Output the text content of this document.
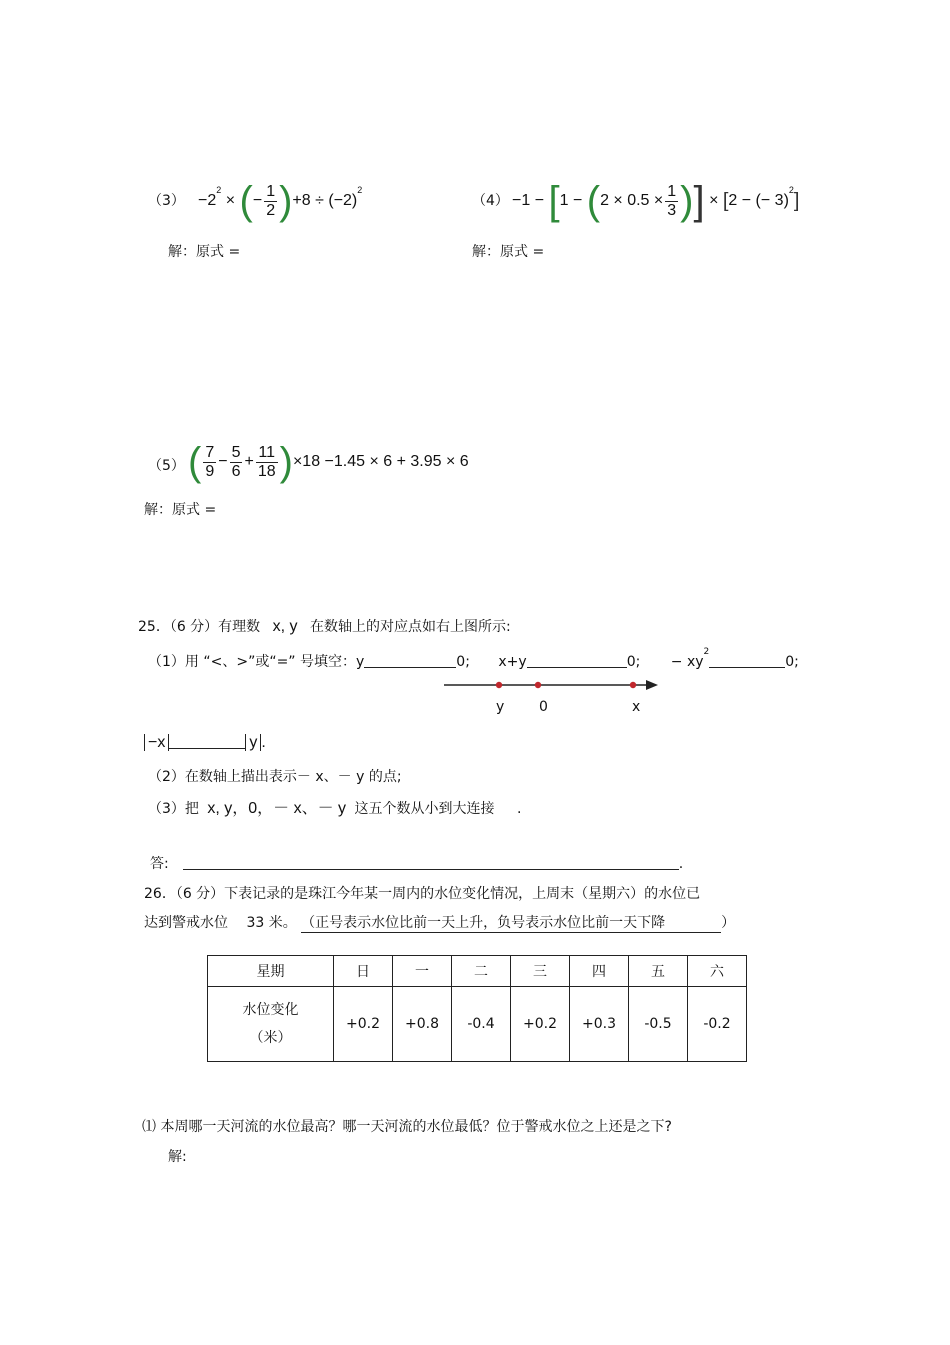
$(3) -2^2$ × (− $\frac{1}{2} )+8 \div (-2)^2$
解：原式 =
$(4) -1 - [1 - (2 \times 0.5 \times \frac{1}{3}$ )] × [2 − (− 3)$^2$]
解：原式 =
（5） ( $\frac{7}{9} - \frac{5}{6} + \frac{11}{18} )\times 18 -1.45 \times 6 + 3.95 \times 6$
解：原式 =
25．（6 分）有理数 x, y 在数轴上的对应点如右上图所示:
（1）用 “<、>”或“=” 号填空：y	0; x+y	0; − $xy^20$;
y 0	x
−x	y .
（2）在数轴上描出表示－ x、－ y 的点;
（3）把 x, y，0，－ x、－ y 这五个数从小到大连接 .
答:	.
26．（6 分）下表记录的是珠江今年某一周内的水位变化情况，上周末（星期六）的水位已
达到警戒水位 33 米。 （正号表示水位比前一天上升，负号表示水位比前一天下降	）
星期	日	一	二	三	四	五	六

水位变化
（米）	+0.2	+0.8	-0.4	+0.2	+0.3	-0.5	-0.2
⑴ 本周哪一天河流的水位最高？哪一天河流的水位最低？位于警戒水位之上还是之下?
解:
